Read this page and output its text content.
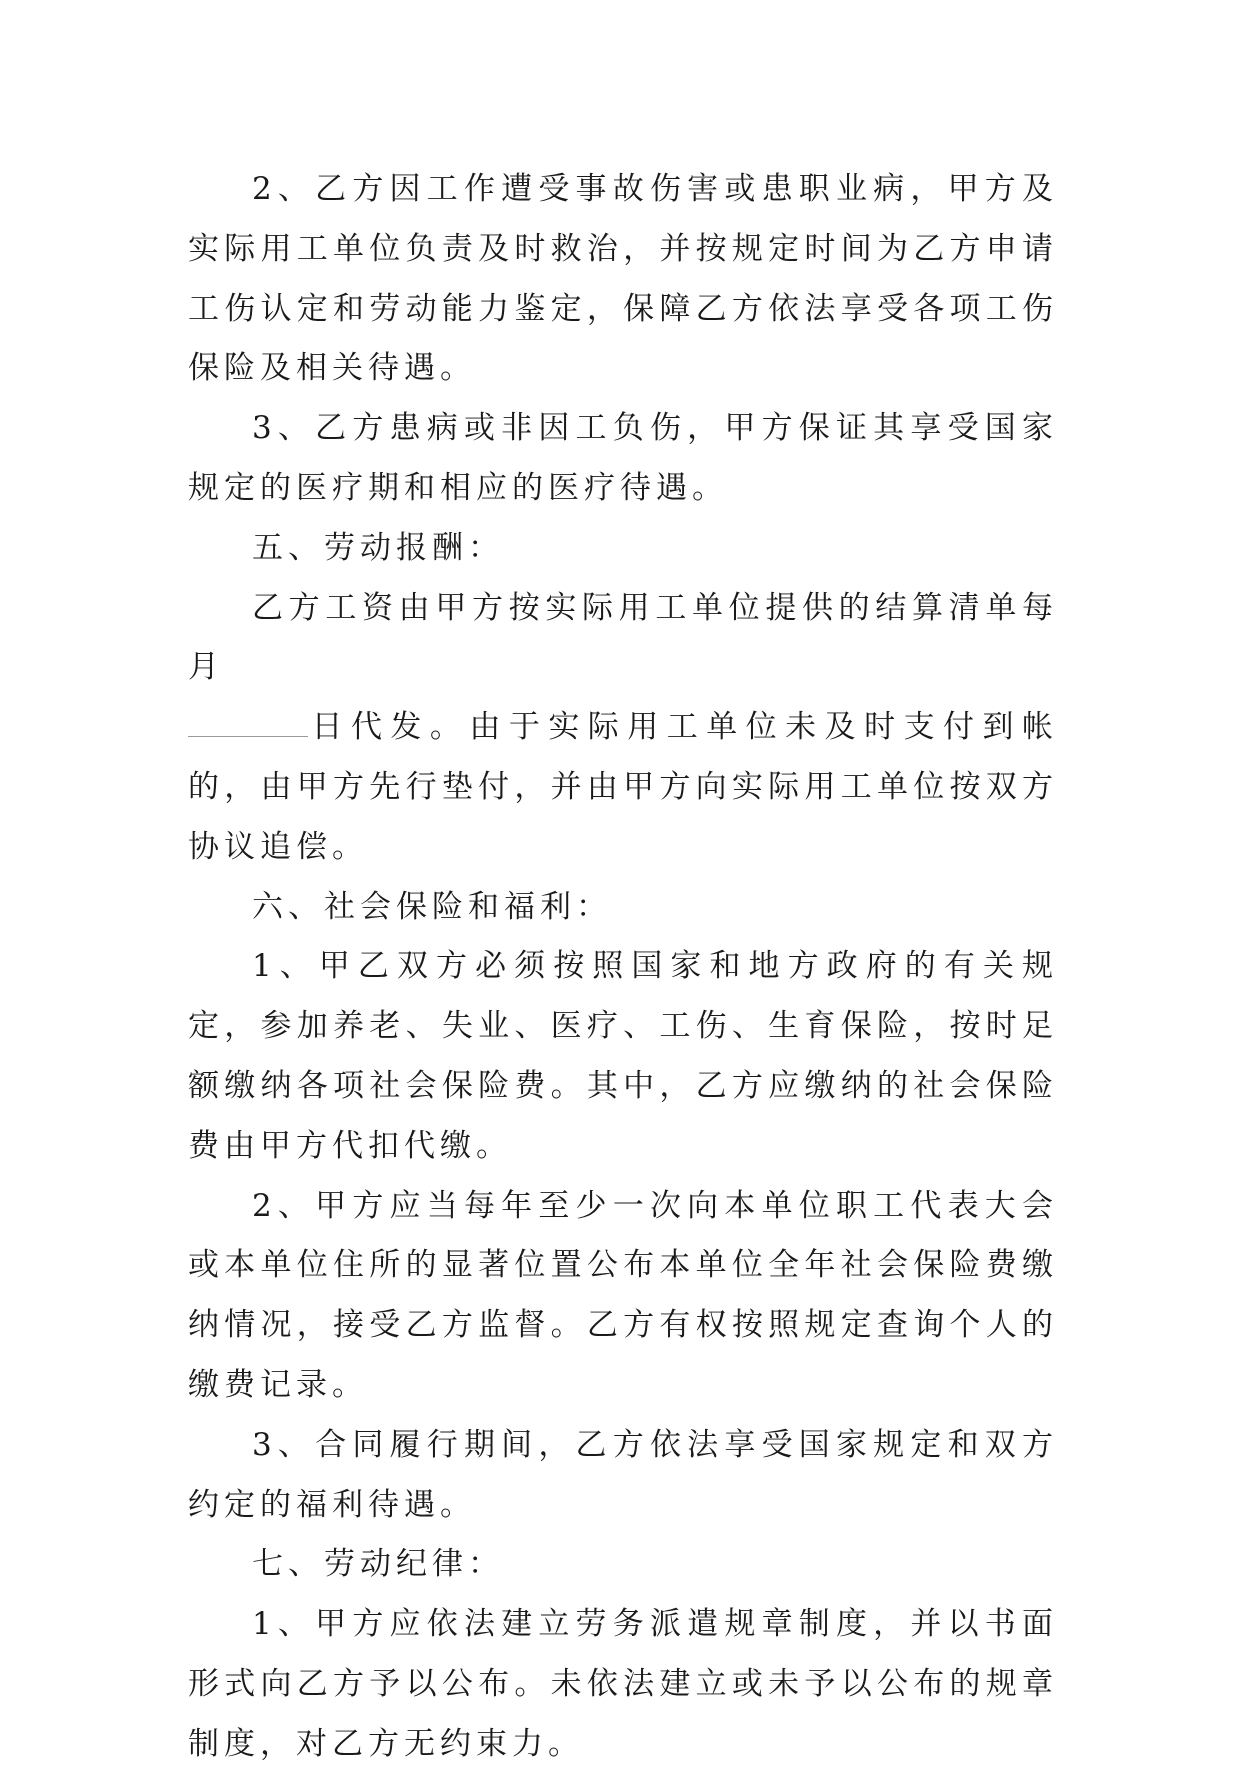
2、乙方因工作遭受事故伤害或患职业病，甲方及实际用工单位负责及时救治，并按规定时间为乙方申请工伤认定和劳动能力鉴定，保障乙方依法享受各项工伤保险及相关待遇。

3、乙方患病或非因工负伤，甲方保证其享受国家规定的医疗期和相应的医疗待遇。

五、劳动报酬：

乙方工资由甲方按实际用工单位提供的结算清单每月
日代发。由于实际用工单位未及时支付到帐的，由甲方先行垫付，并由甲方向实际用工单位按双方协议追偿。

六、社会保险和福利：

1、甲乙双方必须按照国家和地方政府的有关规定，参加养老、失业、医疗、工伤、生育保险，按时足额缴纳各项社会保险费。其中，乙方应缴纳的社会保险费由甲方代扣代缴。

2、甲方应当每年至少一次向本单位职工代表大会或本单位住所的显著位置公布本单位全年社会保险费缴纳情况，接受乙方监督。乙方有权按照规定查询个人的缴费记录。

3、合同履行期间，乙方依法享受国家规定和双方约定的福利待遇。

七、劳动纪律：

1、甲方应依法建立劳务派遣规章制度，并以书面形式向乙方予以公布。未依法建立或未予以公布的规章制度，对乙方无约束力。
